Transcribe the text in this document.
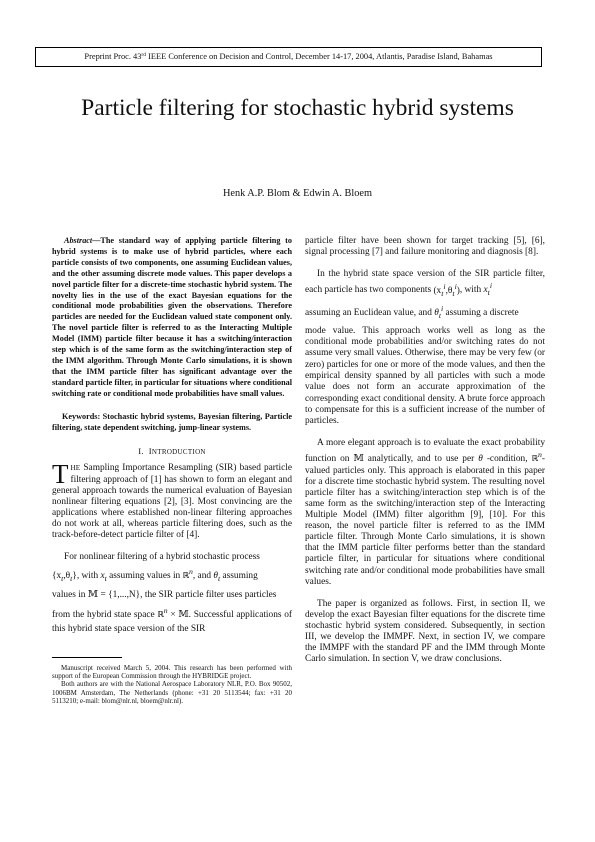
Preprint Proc. 43rd IEEE Conference on Decision and Control, December 14-17, 2004, Atlantis, Paradise Island, Bahamas
Particle filtering for stochastic hybrid systems
Henk A.P. Blom & Edwin A. Bloem

Abstract—The standard way of applying particle filtering to hybrid systems is to make use of hybrid particles, where each particle consists of two components, one assuming Euclidean values, and the other assuming discrete mode values. This paper develops a novel particle filter for a discrete-time stochastic hybrid system. The novelty lies in the use of the exact Bayesian equations for the conditional mode probabilities given the observations. Therefore particles are needed for the Euclidean valued state component only. The novel particle filter is referred to as the Interacting Multiple Model (IMM) particle filter because it has a switching/interaction step which is of the same form as the switching/interaction step of the IMM algorithm. Through Monte Carlo simulations, it is shown that the IMM particle filter has significant advantage over the standard particle filter, in particular for situations where conditional switching rate or conditional mode probabilities have small values.

Keywords: Stochastic hybrid systems, Bayesian filtering, Particle filtering, state dependent switching, jump-linear systems.

I. INTRODUCTION

THE Sampling Importance Resampling (SIR) based particle filtering approach of [1] has shown to form an elegant and general approach towards the numerical evaluation of Bayesian nonlinear filtering equations [2], [3]. Most convincing are the applications where established non-linear filtering approaches do not work at all, whereas particle filtering does, such as the track-before-detect particle filter of [4].

For nonlinear filtering of a hybrid stochastic process
$\{x_t,\theta_t\}$, with $x_t$ assuming values in ℝ$^n$, and $\theta_t$ assuming
values in 𝕄 = {1,...,N}, the SIR particle filter uses particles
from the hybrid state space ℝ$^n$ × 𝕄. Successful applications of this hybrid state space version of the SIR

Manuscript received March 5, 2004. This research has been performed with support of the European Commission through the HYBRIDGE project.

Both authors are with the National Aerospace Laboratory NLR, P.O. Box 90502, 1006BM Amsterdam, The Netherlands (phone: +31 20 5113544; fax: +31 20 5113210; e-mail: blom@nlr.nl, bloem@nlr.nl).

particle filter have been shown for target tracking [5], [6], signal processing [7] and failure monitoring and diagnosis [8].

In the hybrid state space version of the SIR particle filter, each particle has two components $(x_t^i,\theta_t^i)$, with $x_t^i$
assuming an Euclidean value, and $\theta_t^i$ assuming a discrete
mode value. This approach works well as long as the conditional mode probabilities and/or switching rates do not assume very small values. Otherwise, there may be very few (or zero) particles for one or more of the mode values, and then the empirical density spanned by all particles with such a mode value does not form an accurate approximation of the corresponding exact conditional density. A brute force approach to compensate for this is a sufficient increase of the number of particles.

A more elegant approach is to evaluate the exact probability function on 𝕄 analytically, and to use per θ -condition, ℝ$^n$-valued particles only. This approach is elaborated in this paper for a discrete time stochastic hybrid system. The resulting novel particle filter has a switching/interaction step which is of the same form as the switching/interaction step of the Interacting Multiple Model (IMM) filter algorithm [9], [10]. For this reason, the novel particle filter is referred to as the IMM particle filter. Through Monte Carlo simulations, it is shown that the IMM particle filter performs better than the standard particle filter, in particular for situations where conditional switching rate and/or conditional mode probabilities have small values.

The paper is organized as follows. First, in section II, we develop the exact Bayesian filter equations for the discrete time stochastic hybrid system considered. Subsequently, in section III, we develop the IMMPF. Next, in section IV, we compare the IMMPF with the standard PF and the IMM through Monte Carlo simulation. In section V, we draw conclusions.
